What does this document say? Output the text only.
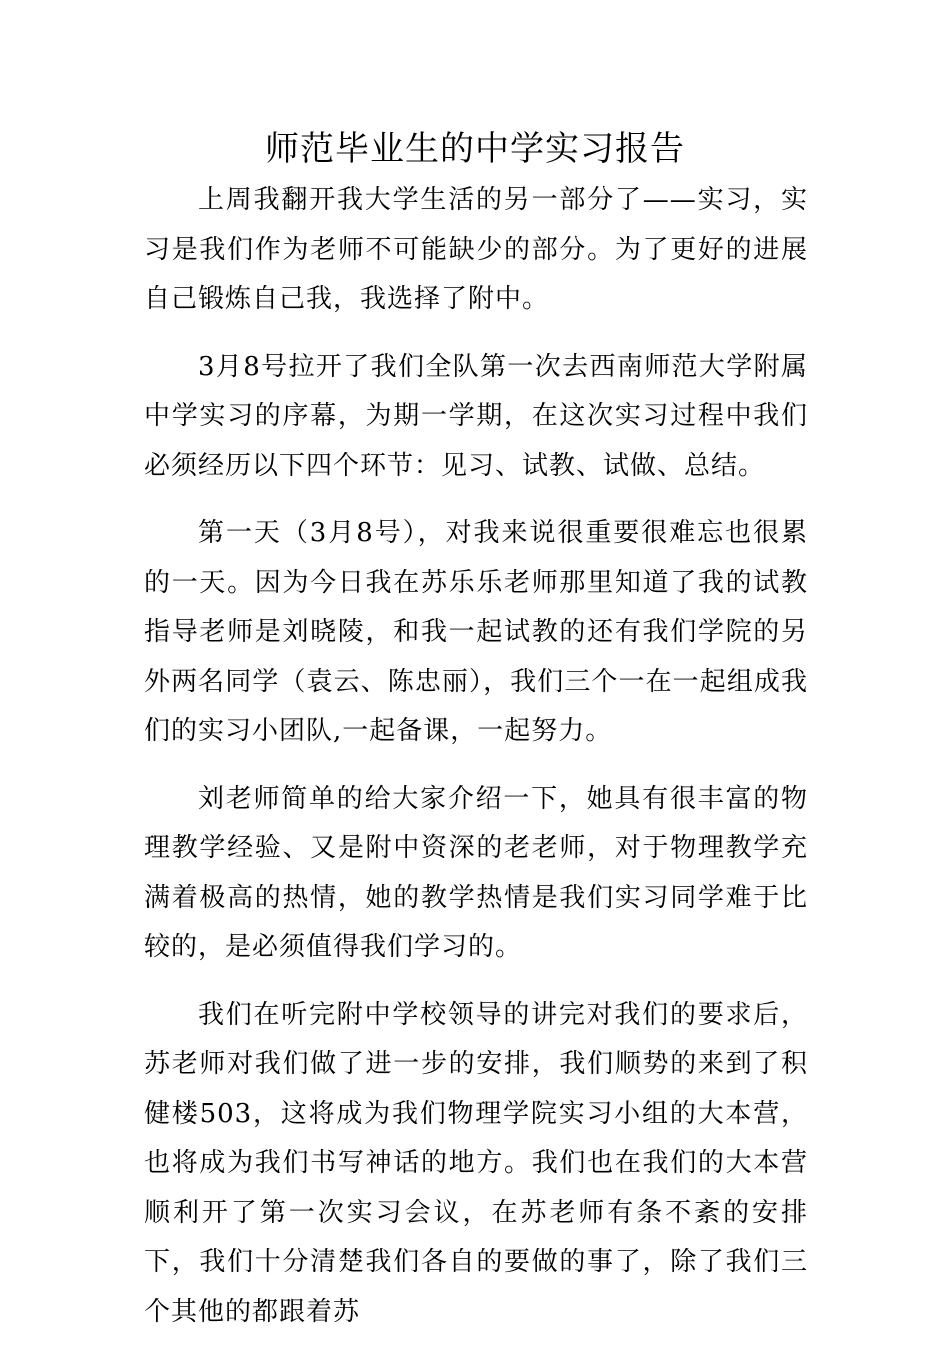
师范毕业生的中学实习报告

上周我翻开我大学生活的另一部分了——实习，实习是我们作为老师不可能缺少的部分。为了更好的进展自己锻炼自己我，我选择了附中。

3月8号拉开了我们全队第一次去西南师范大学附属中学实习的序幕，为期一学期，在这次实习过程中我们必须经历以下四个环节：见习、试教、试做、总结。

第一天（3月8号），对我来说很重要很难忘也很累的一天。因为今日我在苏乐乐老师那里知道了我的试教指导老师是刘晓陵，和我一起试教的还有我们学院的另外两名同学（袁云、陈忠丽），我们三个一在一起组成我们的实习小团队,一起备课，一起努力。

刘老师简单的给大家介绍一下，她具有很丰富的物理教学经验、又是附中资深的老老师，对于物理教学充满着极高的热情，她的教学热情是我们实习同学难于比较的，是必须值得我们学习的。

我们在听完附中学校领导的讲完对我们的要求后，苏老师对我们做了进一步的安排，我们顺势的来到了积健楼503，这将成为我们物理学院实习小组的大本营，也将成为我们书写神话的地方。我们也在我们的大本营顺利开了第一次实习会议，在苏老师有条不紊的安排下，我们十分清楚我们各自的要做的事了，除了我们三个其他的都跟着苏
